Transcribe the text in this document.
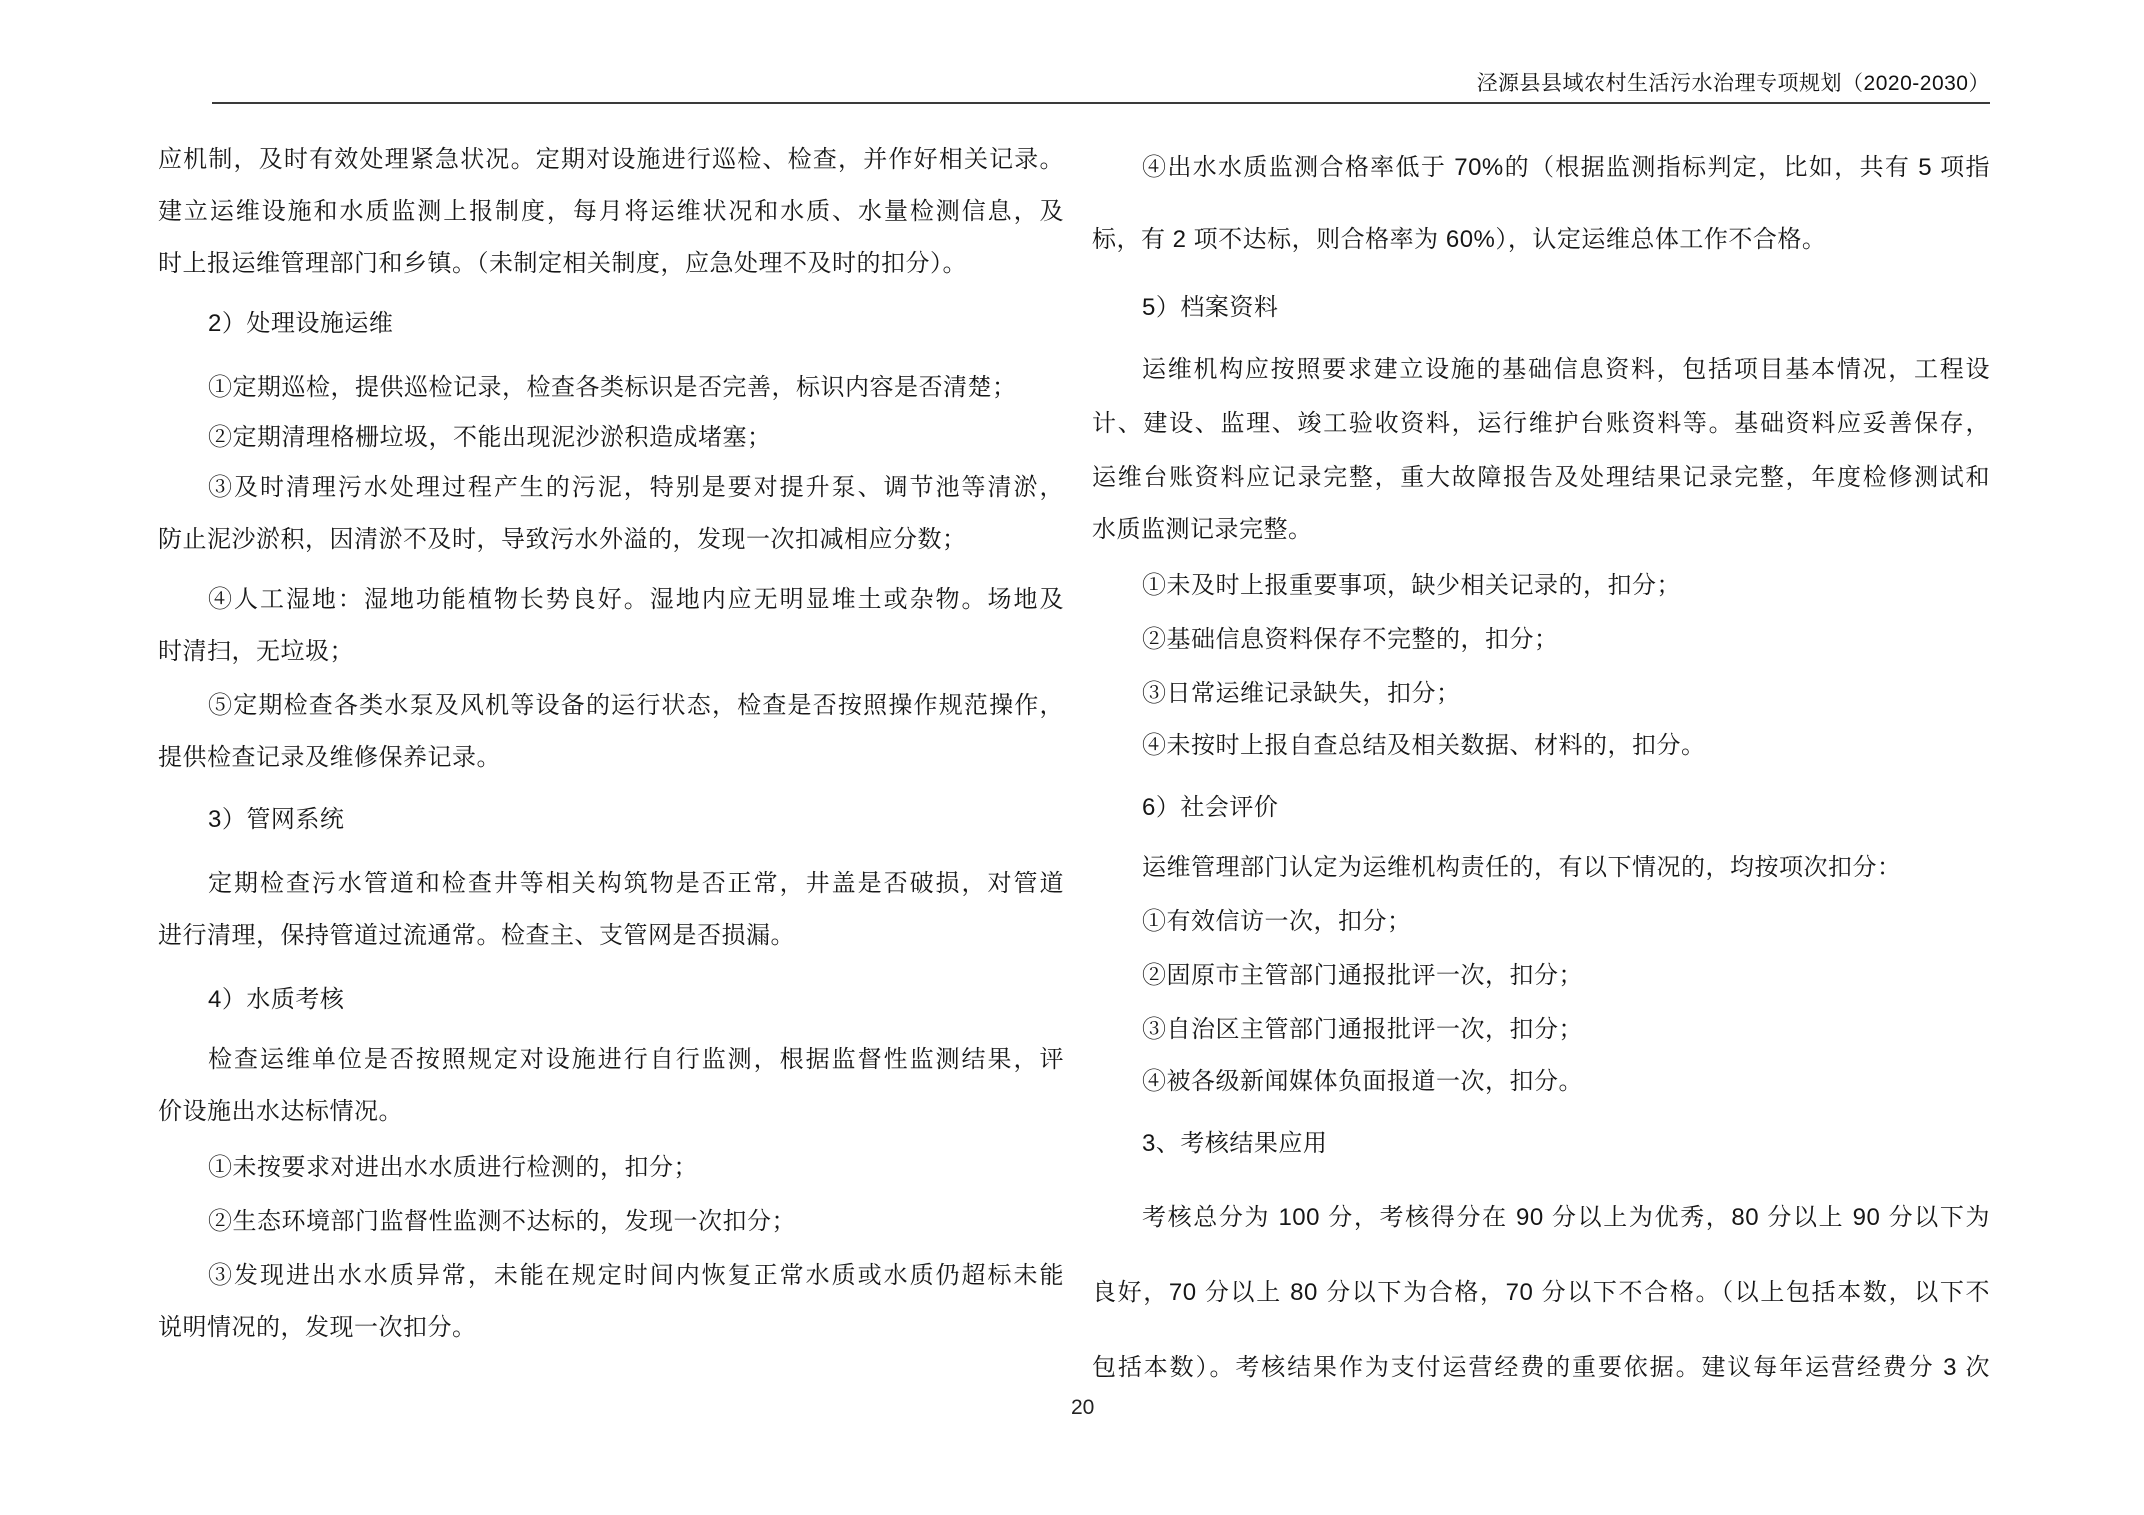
泾源县县域农村生活污水治理专项规划（2020-2030）
应机制，及时有效处理紧急状况。定期对设施进行巡检、检查，并作好相关记录。
建立运维设施和水质监测上报制度，每月将运维状况和水质、水量检测信息，及
时上报运维管理部门和乡镇。（未制定相关制度，应急处理不及时的扣分）。
2）处理设施运维
①定期巡检，提供巡检记录，检查各类标识是否完善，标识内容是否清楚；
②定期清理格栅垃圾，不能出现泥沙淤积造成堵塞；
③及时清理污水处理过程产生的污泥，特别是要对提升泵、调节池等清淤，
防止泥沙淤积，因清淤不及时，导致污水外溢的，发现一次扣减相应分数；
④人工湿地：湿地功能植物长势良好。湿地内应无明显堆土或杂物。场地及
时清扫，无垃圾；
⑤定期检查各类水泵及风机等设备的运行状态，检查是否按照操作规范操作，
提供检查记录及维修保养记录。
3）管网系统
定期检查污水管道和检查井等相关构筑物是否正常，井盖是否破损，对管道
进行清理，保持管道过流通常。检查主、支管网是否损漏。
4）水质考核
检查运维单位是否按照规定对设施进行自行监测，根据监督性监测结果，评
价设施出水达标情况。
①未按要求对进出水水质进行检测的，扣分；
②生态环境部门监督性监测不达标的，发现一次扣分；
③发现进出水水质异常，未能在规定时间内恢复正常水质或水质仍超标未能
说明情况的，发现一次扣分。
④出水水质监测合格率低于 70%的（根据监测指标判定，比如，共有 5 项指
标，有 2 项不达标，则合格率为 60%），认定运维总体工作不合格。
5）档案资料
运维机构应按照要求建立设施的基础信息资料，包括项目基本情况，工程设
计、建设、监理、竣工验收资料，运行维护台账资料等。基础资料应妥善保存，
运维台账资料应记录完整，重大故障报告及处理结果记录完整，年度检修测试和
水质监测记录完整。
①未及时上报重要事项，缺少相关记录的，扣分；
②基础信息资料保存不完整的，扣分；
③日常运维记录缺失，扣分；
④未按时上报自查总结及相关数据、材料的，扣分。
6）社会评价
运维管理部门认定为运维机构责任的，有以下情况的，均按项次扣分：
①有效信访一次，扣分；
②固原市主管部门通报批评一次，扣分；
③自治区主管部门通报批评一次，扣分；
④被各级新闻媒体负面报道一次，扣分。
3、考核结果应用
考核总分为 100 分，考核得分在 90 分以上为优秀，80 分以上 90 分以下为
良好，70 分以上 80 分以下为合格，70 分以下不合格。（以上包括本数，以下不
包括本数）。考核结果作为支付运营经费的重要依据。建议每年运营经费分 3 次
20
